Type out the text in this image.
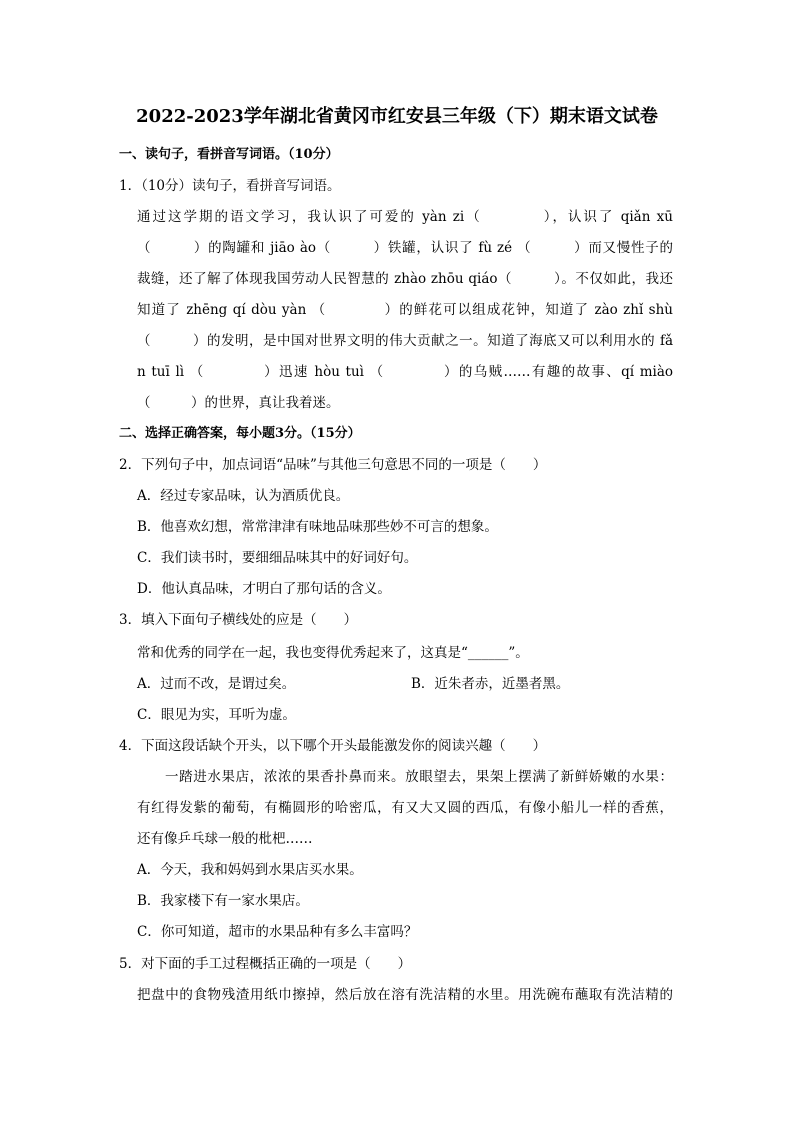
2022-2023学年湖北省黄冈市红安县三年级（下）期末语文试卷
一、读句子，看拼音写词语。（10分）
1．（10分）读句子，看拼音写词语。
通过这学期的语文学习，我认识了可爱的 yàn zi（　　　　），认识了 qiǎn xū
（　　　）的陶罐和 jiāo ào（　　　）铁罐，认识了 fù zé （　　　）而又慢性子的
裁缝，还了解了体现我国劳动人民智慧的 zhào zhōu qiáo（　　　）。不仅如此，我还
知道了 zhēng qí dòu yàn （　　　　）的鲜花可以组成花钟，知道了 zào zhǐ shù
（　　　）的发明，是中国对世界文明的伟大贡献之一。知道了海底又可以利用水的 fǎ
n tuī lì （　　　　）迅速 hòu tuì （　　　　）的乌贼……有趣的故事、qí miào
（　　　）的世界，真让我着迷。
二、选择正确答案，每小题3分。（15分）
2．下列句子中，加点词语“品味”与其他三句意思不同的一项是（　　）
A．经过专家品味，认为酒质优良。
B．他喜欢幻想，常常津津有味地品味那些妙不可言的想象。
C．我们读书时，要细细品味其中的好词好句。
D．他认真品味，才明白了那句话的含义。
3．填入下面句子横线处的应是（　　）
常和优秀的同学在一起，我也变得优秀起来了，这真是“______”。
A．过而不改，是谓过矣。	B．近朱者赤，近墨者黑。
C．眼见为实，耳听为虚。
4．下面这段话缺个开头，以下哪个开头最能激发你的阅读兴趣（　　）
一踏进水果店，浓浓的果香扑鼻而来。放眼望去，果架上摆满了新鲜娇嫩的水果：
有红得发紫的葡萄，有椭圆形的哈密瓜，有又大又圆的西瓜，有像小船儿一样的香蕉，
还有像乒乓球一般的枇杷……
A．今天，我和妈妈到水果店买水果。
B．我家楼下有一家水果店。
C．你可知道，超市的水果品种有多么丰富吗？
5．对下面的手工过程概括正确的一项是（　　）
把盘中的食物残渣用纸巾擦掉，然后放在溶有洗洁精的水里。用洗碗布蘸取有洗洁精的
